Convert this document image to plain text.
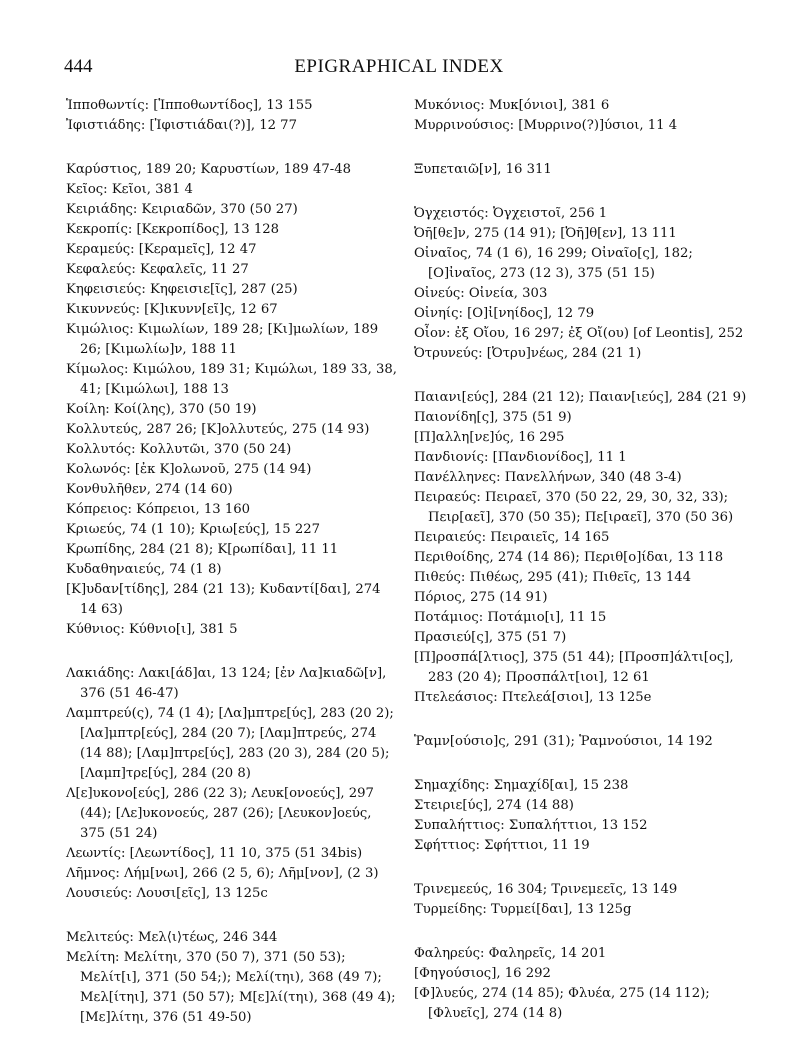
444	EPIGRAPHICAL INDEX
Ἱπποθωντίς: [Ἱπποθωντίδος], 13 155
Ἰφιστιάδης: [Ἰφιστιάδαι(?)], 12 77
Καρύστιος, 189 20; Καρυστίων, 189 47-48
Κεῖος: Κεῖοι, 381 4
Κειριάδης: Κειριαδῶν, 370 (50 27)
Κεκροπίς: [Κεκροπίδος], 13 128
Κεραμεύς: [Κεραμεῖς], 12 47
Κεφαλεύς: Κεφαλεῖς, 11 27
Κηφεισιεύς: Κηφεισιε[ῖς], 287 (25)
Κικυννεύς: [Κ]ικυνν[εῖ]ς, 12 67
Κιμώλιος: Κιμωλίων, 189 28; [Κι]μωλίων, 189 26; [Κιμωλίω]ν, 188 11
Κίμωλος: Κιμώλου, 189 31; Κιμώλωι, 189 33, 38, 41; [Κιμώλωι], 188 13
Κοίλη: Κοί(λης), 370 (50 19)
Κολλυτεύς, 287 26; [Κ]ολλυτεύς, 275 (14 93)
Κολλυτός: Κολλυτῶι, 370 (50 24)
Κολωνός: [ἐκ Κ]ολωνοῦ, 275 (14 94)
Κονθυλῆθεν, 274 (14 60)
Κόπρειος: Κόπρειοι, 13 160
Κριωεύς, 74 (1 10); Κριω[εύς], 15 227
Κρωπίδης, 284 (21 8); Κ[ρωπίδαι], 11 11
Κυδαθηναιεύς, 74 (1 8)
[Κ]υδαν[τίδης], 284 (21 13); Κυδαντί[δαι], 274 14 63)
Κύθνιος: Κύθνιο[ι], 381 5
Λακιάδης: Λακι[άδ]αι, 13 124; [ἐν Λα]κιαδῶ[ν], 376 (51 46-47)
Λαμπτρεύ(ς), 74 (1 4); [Λα]μπτρε[ύς], 283 (20 2); [Λα]μπτρ[εύς], 284 (20 7); [Λαμ]πτρεύς, 274 (14 88); [Λαμ]πτρε[ύς], 283 (20 3), 284 (20 5); [Λαμπ]τρε[ύς], 284 (20 8)
Λ[ε]υκονο[εύς], 286 (22 3); Λευκ[ονοεύς], 297 (44); [Λε]υκονοεύς, 287 (26); [Λευκον]οεύς, 375 (51 24)
Λεωντίς: [Λεωντίδος], 11 10, 375 (51 34bis)
Λῆμνος: Λήμ[νωι], 266 (2 5, 6); Λῆμ[νον], (2 3)
Λουσιεύς: Λουσι[εῖς], 13 125c
Μελιτεύς: Μελ⟨ι⟩τέως, 246 344
Μελίτη: Μελίτηι, 370 (50 7), 371 (50 53); Μελίτ[ι], 371 (50 54;); Μελί(τηι), 368 (49 7); Μελ[ίτηι], 371 (50 57); Μ[ε]λί(τηι), 368 (49 4); [Με]λίτηι, 376 (51 49-50)
Μυκόνιος: Μυκ[όνιοι], 381 6
Μυρρινούσιος: [Μυρρινο(?)]ύσιοι, 11 4
Ξυπεταιῶ[ν], 16 311
Ὀγχειστός: Ὀγχειστοῖ, 256 1
Ὀῆ[θε]ν, 275 (14 91); [Ὀῆ]θ[εν], 13 111
Οἰναῖος, 74 (1 6), 16 299; Οἰναῖο[ς], 182; [Ο]ἰναῖος, 273 (12 3), 375 (51 15)
Οἰνεύς: Οἰνεία, 303
Οἰνηίς: [Ο]ἰ[νηίδος], 12 79
Οἶον: ἐξ Οἴου, 16 297; ἐξ Οἴ(ου) [of Leontis], 252
Ὀτρυνεύς: [Ὀτρυ]νέως, 284 (21 1)
Παιανι[εύς], 284 (21 12); Παιαν[ιεύς], 284 (21 9)
Παιονίδη[ς], 375 (51 9)
[Π]αλλη[νε]ύς, 16 295
Πανδιονίς: [Πανδιονίδος], 11 1
Πανέλληνες: Πανελλήνων, 340 (48 3-4)
Πειραεύς: Πειραεῖ, 370 (50 22, 29, 30, 32, 33); Πειρ[αεῖ], 370 (50 35); Πε[ιραεῖ], 370 (50 36)
Πειραιεύς: Πειραιεῖς, 14 165
Περιθοίδης, 274 (14 86); Περιθ[ο]ίδαι, 13 118
Πιθεύς: Πιθέως, 295 (41); Πιθεῖς, 13 144
Πόριος, 275 (14 91)
Ποτάμιος: Ποτάμιο[ι], 11 15
Πρασιεύ[ς], 375 (51 7)
[Π]ροσπά[λτιος], 375 (51 44); [Προσπ]άλτι[ος], 283 (20 4); Προσπάλτ[ιοι], 12 61
Πτελεάσιος: Πτελεά[σιοι], 13 125e
Ῥαμν[ούσιο]ς, 291 (31); Ῥαμνούσιοι, 14 192
Σημαχίδης: Σημαχίδ[αι], 15 238
Στειριε[ύς], 274 (14 88)
Συπαλήττιος: Συπαλήττιοι, 13 152
Σφήττιος: Σφήττιοι, 11 19
Τρινεμεεύς, 16 304; Τρινεμεεῖς, 13 149
Τυρμείδης: Τυρμεί[δαι], 13 125g
Φαληρεύς: Φαληρεῖς, 14 201
[Φηγούσιος], 16 292
[Φ]λυεύς, 274 (14 85); Φλυέα, 275 (14 112); [Φλυεῖς], 274 (14 8)
